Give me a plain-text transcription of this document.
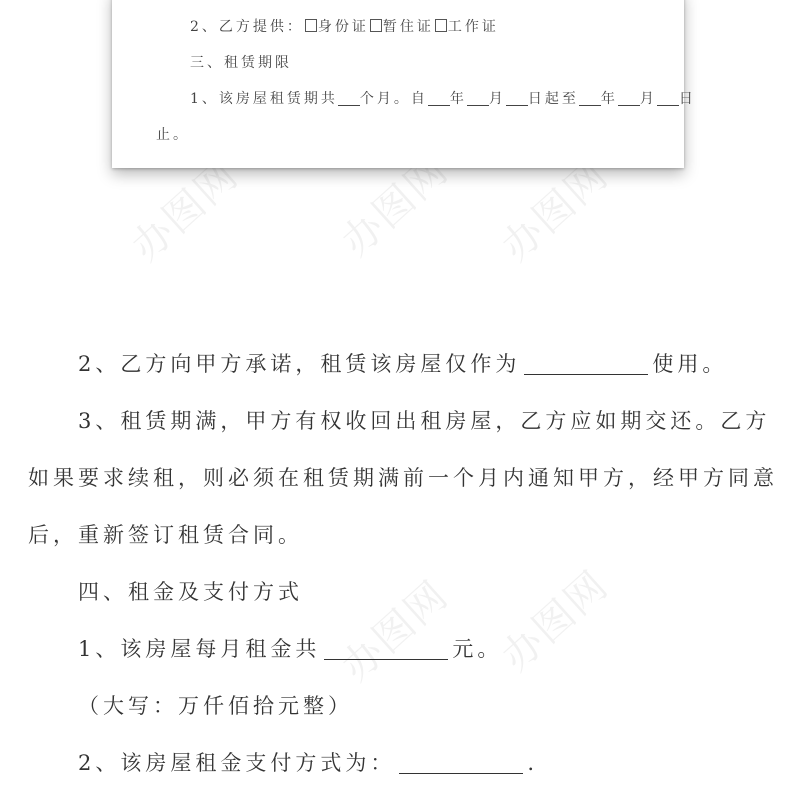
办图网 办图网 办图网
办图网 办图网
2、乙方提供： 身份证 暂住证 工作证
三、租赁期限
1、该房屋租赁期共 个月。自 年 月 日起至 年 月 日
止。
2、乙方向甲方承诺，租赁该房屋仅作为	使用。
3、租赁期满，甲方有权收回出租房屋，乙方应如期交还。乙方
如果要求续租，则必须在租赁期满前一个月内通知甲方，经甲方同意
后，重新签订租赁合同。
四、租金及支付方式
1、该房屋每月租金共	元。
（大写：万仟佰拾元整）
2、该房屋租金支付方式为：	.
